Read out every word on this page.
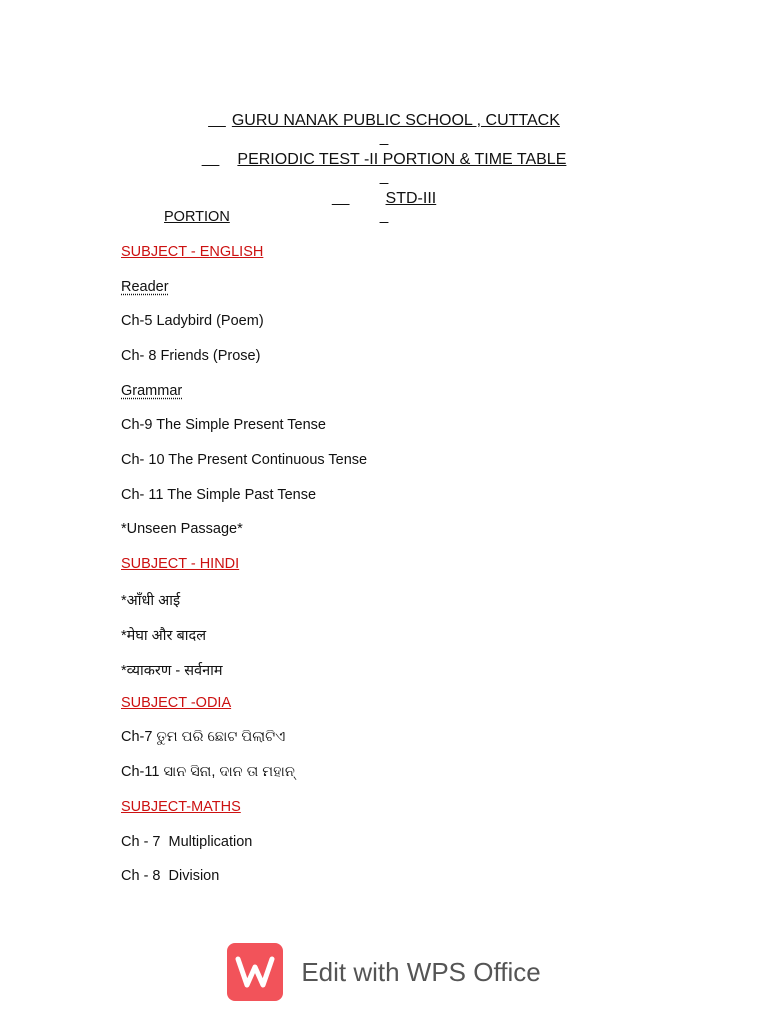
GURU NANAK PUBLIC SCHOOL , CUTTACK

PERIODIC TEST -II PORTION & TIME TABLE

STD-III

PORTION
SUBJECT - ENGLISH
Reader
Ch-5 Ladybird (Poem)
Ch- 8 Friends (Prose)
Grammar
Ch-9 The Simple Present Tense
Ch- 10 The Present Continuous Tense
Ch- 11 The Simple Past Tense
*Unseen Passage*
SUBJECT - HINDI
*आँधी आई
*मेघा और बादल
*व्याकरण - सर्वनाम
SUBJECT -ODIA
Ch-7 ତୁମ ପରି ଛୋଟ ପିଲାଟିଏ
Ch-11 ସାନ ସିନା, ଦାନ ତା ମହାନ୍
SUBJECT-MATHS
Ch - 7  Multiplication
Ch - 8  Division
Edit with WPS Office
